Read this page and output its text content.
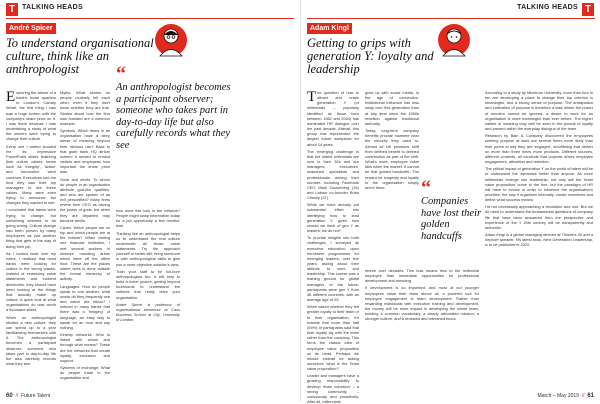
T
André Spicer
To understand organisational culture, think like an anthropologist

Exploring the atrium of a bank's head quarters in London's Canary Wharf, the first thing I saw was a huge screen with the company's share price on it. I was there because I was undertaking a study of what the owners were trying to change their culture.

Every one I visited showed me its impressive PowerPoint slides featuring their culture values: terms such as 'integrity', 'action' and 'innovation' were common. Executives told me how they saw their top managers to live these values. Many were even trying to announce the changes they wanted to see.

I concluded that banks were trying to change, but something seemed to be going wrong. Culture change had been proven by many employees as just another thing that gets in the way of doing their job.

As I looked back over my notes, I realised that most banks were looking for culture in the wrong places. Instead of examining value statements and incident directories, they should have been looking at the things that actually make up culture. A quick look at what organisations do was worth a thousand slides.

When an anthropologist studies a new culture, they can spend up to a year familiarising themselves with it. The anthropologist becomes a participant observer; someone who takes part in day-to-day life but also carefully records what they see.

Myths. What stories do people routinely tell each other, even if they don't know whether they are true. Stories about how the firm was founded are a common example.

Symbols. Which items in an organisation have a deep sense of meaning beyond their obvious use? Back to that giant bank HQ atrium screen: it served to remind visitors and employees how important the share price was.

Gods and devils. To whom do people in an organisation attribute god-like qualities, and who are spoken of as evil personified? Many firms revere their CEO as having the power of gods, but when they are departed may become devils.

Caves. Which people are on top and which people are at the bottom? When visiting one financial institution, I met several workers in obscure rounding areas which were off the office floor. These are the places where work is done outside the formal hierarchy of activity.

Languages. How do people speak to one another, what words do they frequently use and which are taboo? I noticed in many banks that there was a 'hedging' of language, an easy way to speak for an hour and say nothing.

Kinship networks. Who is linked with whom and through what means? These are the networks that create loyalty, exclusion and support.

Systems of exchange. What do people trade in the organisation and

“
An anthropologist becomes a participant observer; someone who takes part in day-to-day life but also carefully records what they see

how does this lock in the network? People might swap information today for a job opportunity a few months' time.

Thinking like an anthropologist helps us to understand the real culture underneath all those value statements. Try the approach yourself or better still, bring someone in with anthropological skills to give you a more objective outsider's view.

Train your staff to be full-bore anthropologists too. It will help to build a richer picture, getting beyond buzzwords to understand the cultures that really drive your organisation.

André Spicer is professor of organisational behaviour at Cass Business School at City, University of London.

60  //  Future Talent
TALKING HEADS T
Adam Kingl
Getting to grips with generation Y: loyalty and leadership

The question of how to attract and retain generation Y (or millennials – popularly identified as those born between 1982 and 2004) has dominated HR dialogue over the past decade. Afterall, this group has represented the largest future workplace for about 14 years.

The emerging challenge is that the oldest millennials are now in their 30s and are managers, executives, seasoned specialists and professionals among their number. Including Facebook CEO Mark Zuckerberg (34) and Labour co-founder Brian Chesky (37).

While we have already put substantial effort into identifying how to lead generation Y, given how should we think of gen Y as leaders, we do not?

To provide insights into both challenges, I surveyed all executive education, open enrolment programmes for emerging leaders, over five years, asking about their attitude to work and leadership. This course was a training ground for global managers of the future, participants were gen Y from 46 different countries, with an average age of 29.

When asked whether they felt greater loyalty to their team or to their organisation, it's notable that more than half (54%) of participants said that their loyalty lay with the team rather than the company. This turns the classic idea of employee value proposition on its head. Perhaps we should instead be asking ourselves 'what is the Team value proposition?'

Leader and managers have a growing responsibility to develop 'team cohesion' – a strong community – consciously and proactively. After all, millennials

grew up with social media, in the age of connection. Institutional influence has less sway over this generation than at any time since the 1960s rebellion against traditional authority.

Today, long-term company benefits provide nowhere near the security they used to. Almost all UK pensions shift from defined benefit to defined contribution as part of the shift. What's more, employee value falls when the market. It cannot be that 'golden handcuffs'. The reward for longevity and loyalty to the organisation simply aren't there.	“
Companies have lost their golden handcuffs

tenure over decades. This loss means less to the millennial employee than immediate opportunities for professional development and meaning.

If development is so important, and most of our younger employees value their team above all, a powerful tool for employee engagement is team development. Rather than rewarding individuals with executive training and development, the money will be more impact in developing the whole team, building a common vocabulary, a clearly articulated mission, a stronger culture, and a renewed and refreshed focus.

According to a study by Minstrom University, more than four in ten are developing a place to change their top criterion is meaningful, and a strong sense of purpose. The anticipation and cultivation of purpose is therefore a task where the power of emotion cannot be ignored: a desire to work for an organisation is more meaningful than ever before. The higher calibre of meaning may well be seen in the pursuit of loyalty and present within the everyday dialogue of the team.

Research by Bain & Company discovered the employees seeking purpose at work are several times more likely than their peers to say they are 'engaged', shortlisting that deliver on more than three times more products. Different sources, different contexts, all conclude that purpose drives employee engagement, attraction and retention.

The critical impact of generation Y on the world of talent will be to understand the dynamics better than anyone. As more millennials emerge into leadership, not only will the 'team value proposition' come to the fore, but the paradigm of HR will have to evolve in order to influence the organisation's priorities, the way it organises internally, create incentives and define what success means.

I'm not necessarily approaching a revolution and one. But we do need to understand the fundamental questions of company life that have been answered from the perspective and experience of the Y 20th century will be transparently and authentic.

Adam Kingl is a global managing director at Thinkers 50 and a keynote speaker. His latest book, Next Generation Leadership, is to be published in 2020.

March – May 2019  //  61
TALKING HEADS
